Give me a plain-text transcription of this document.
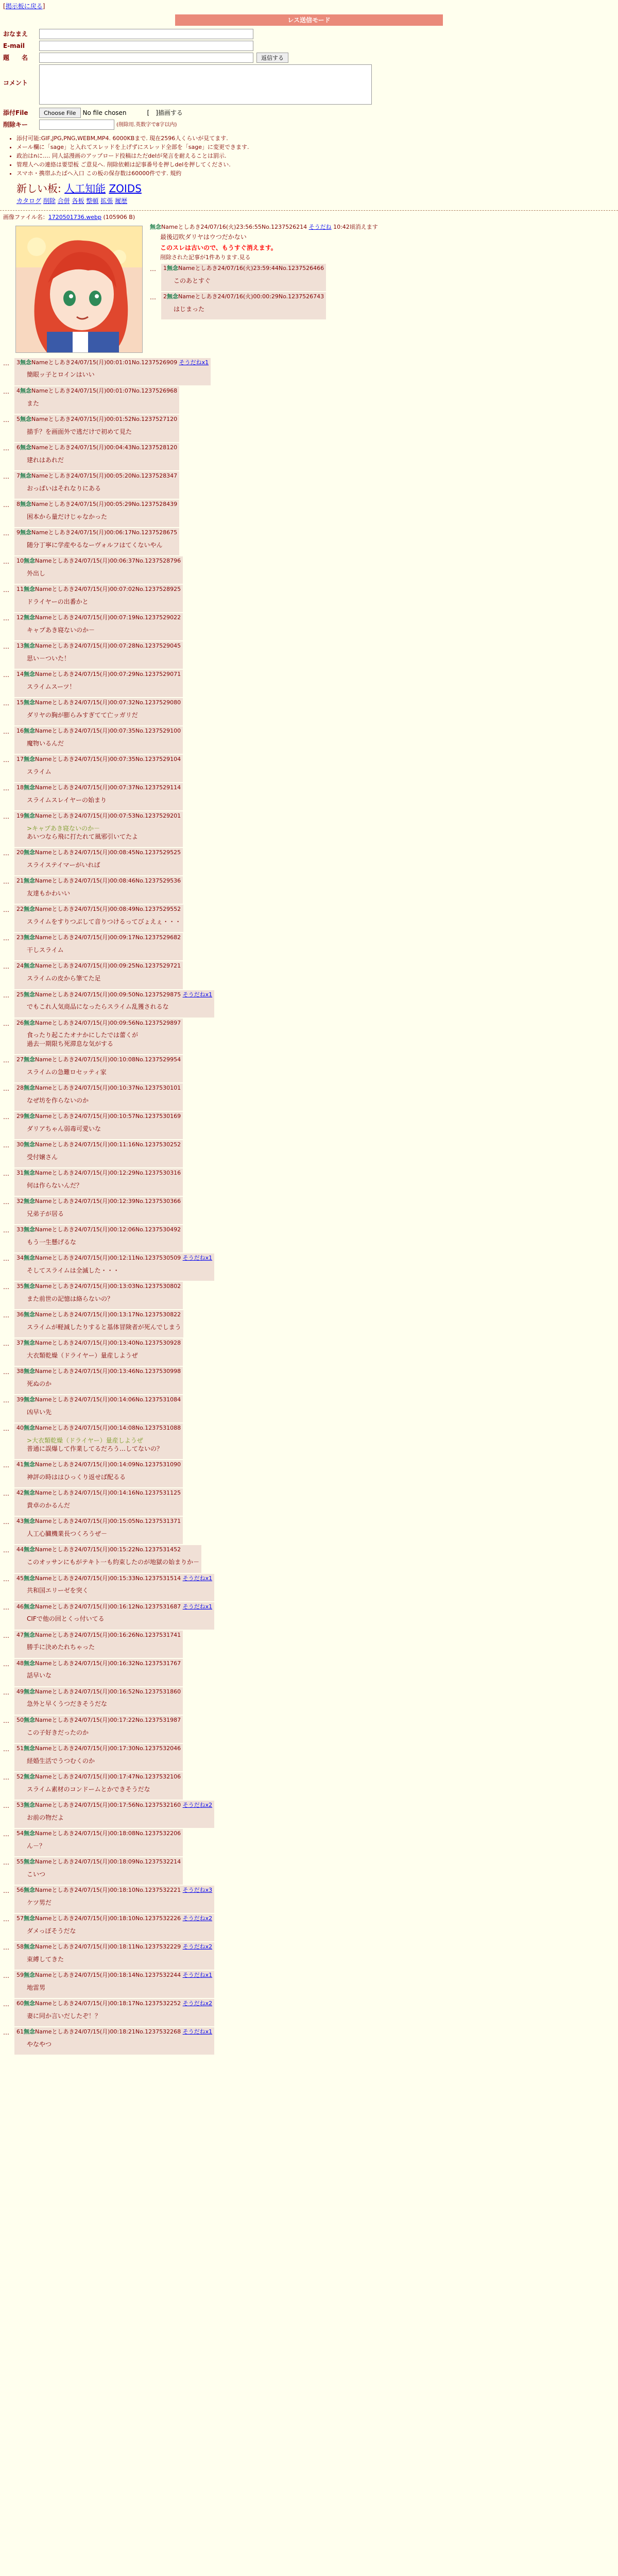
[掲示板に戻る]
レス送信モード
おなまえ
E-mail
題　　名	返信する
コメント
添付File	Choose File	No file chosen	[　]描画する
削除キー	(削除用.英数字で8字以内)
• 添付可能:GIF,JPG,PNG,WEBM,MP4. 6000KBまで. 現在2596人くらいが見てます.
• メール欄に「sage」と入れてスレッドを上げずにスレッド全部を「sage」に変更できます.
• 政治はnに…. 同人誌漫画のアップロード投稿はただdelが発言を耐えることは罰示.
• 管理人への連絡は要望板 ご意見へ. 削除依頼は記事番号を押しdelを押してください.
• スマホ・携帯ふたばへ入口 この板の保存数は60000件です. 規約
新しい板: 人工知能 ZOIDS
カタログ 削除 合併 各板 整頓 拡張 履歴
画像ファイル名：1720501736.webp (105906 B)
無念Nameとしあき24/07/16(火)23:56:55No.1237526214 そうだね 10:42頃消えます
最後辺吹ダリヤはウつだかない
このスレは古いので、もうすぐ消えます。
削除された記事が1件あります.見る
…	1無念Nameとしあき24/07/16(火)23:59:44No.1237526466
このあとすぐ
…	2無念Nameとしあき24/07/16(火)00:00:29No.1237526743
はじまった
…	3無念Nameとしあき24/07/15(月)00:01:01No.1237526909 そうだねx1
簡眼ッ子とロインはいい
…	4無念Nameとしあき24/07/15(月)00:01:07No.1237526968
また
…	5無念Nameとしあき24/07/15(月)00:01:52No.1237527120
描手？を画面外で逃だけで初めて見た
…	6無念Nameとしあき24/07/15(月)00:04:43No.1237528120
建れはあれだ
…	7無念Nameとしあき24/07/15(月)00:05:20No.1237528347
おっぱいはそれなりにある
…	8無念Nameとしあき24/07/15(月)00:05:29No.1237528439
困本から量だけじゃなかった
…	9無念Nameとしあき24/07/15(月)00:06:17No.1237528675
随分丁寧に学産やるなーヴォルフはてくないやん
…	10無念Nameとしあき24/07/15(月)00:06:37No.1237528796
外出し
…	11無念Nameとしあき24/07/15(月)00:07:02No.1237528925
ドライヤーの出番かと
…	12無念Nameとしあき24/07/15(月)00:07:19No.1237529022
キャプあき寝ないのか－
…	13無念Nameとしあき24/07/15(月)00:07:28No.1237529045
思い－ついた！
…	14無念Nameとしあき24/07/15(月)00:07:29No.1237529071
スライムスーツ！
…	15無念Nameとしあき24/07/15(月)00:07:32No.1237529080
ダリヤの胸が膨らみすぎてて亡ッガリだ
…	16無念Nameとしあき24/07/15(月)00:07:35No.1237529100
魔物いるんだ
…	17無念Nameとしあき24/07/15(月)00:07:35No.1237529104
スライム
…	18無念Nameとしあき24/07/15(月)00:07:37No.1237529114
スライムスレイヤーの始まり
…	19無念Nameとしあき24/07/15(月)00:07:53No.1237529201
>キャプあき寝ないのか－
あいつなら飛に打たれて風邪引いてたよ
…	20無念Nameとしあき24/07/15(月)00:08:45No.1237529525
スライステイマーがいれば
…	21無念Nameとしあき24/07/15(月)00:08:46No.1237529536
友達もかわいい
…	22無念Nameとしあき24/07/15(月)00:08:49No.1237529552
スライムをすりつぶして音りつけるってびょえぇ・・・
…	23無念Nameとしあき24/07/15(月)00:09:17No.1237529682
干しスライム
…	24無念Nameとしあき24/07/15(月)00:09:25No.1237529721
スライムの皮から筆てた足
…	25無念Nameとしあき24/07/15(月)00:09:50No.1237529875 そうだねx1
でもこれ人気商品になったらスライム乱獲されるな
…	26無念Nameとしあき24/07/15(月)00:09:56No.1237529897
食ったり起こたオナかにしたでは蕾くが
過去一期限ち死滞息な気がする
…	27無念Nameとしあき24/07/15(月)00:10:08No.1237529954
スライムの急難ロセッティ家
…	28無念Nameとしあき24/07/15(月)00:10:37No.1237530101
なぜ坊を作らないのか
…	29無念Nameとしあき24/07/15(月)00:10:57No.1237530169
ダリアちゃん弱毒可愛いな
…	30無念Nameとしあき24/07/15(月)00:11:16No.1237530252
受付嬢さん
…	31無念Nameとしあき24/07/15(月)00:12:29No.1237530316
何は作らないんだ？
…	32無念Nameとしあき24/07/15(月)00:12:39No.1237530366
兄弟子が居る
…	33無念Nameとしあき24/07/15(月)00:12:06No.1237530492
もう一生懸げるな
…	34無念Nameとしあき24/07/15(月)00:12:11No.1237530509 そうだねx1
そしてスライムは全滅した・・・
…	35無念Nameとしあき24/07/15(月)00:13:03No.1237530802
また前世の記憶は絡らないの？
…	36無念Nameとしあき24/07/15(月)00:13:17No.1237530822
スライムが軽減したりすると基体冒険者が死んでしまう
…	37無念Nameとしあき24/07/15(月)00:13:40No.1237530928
大衣類乾燥（ドライヤー）量産しようぜ
…	38無念Nameとしあき24/07/15(月)00:13:46No.1237530998
死ぬのか
…	39無念Nameとしあき24/07/15(月)00:14:06No.1237531084
凶早い先
…	40無念Nameとしあき24/07/15(月)00:14:08No.1237531088
>大衣類乾燥（ドライヤー）量産しようぜ
普通に誤爆して作業してるだろう…してないの？
…	41無念Nameとしあき24/07/15(月)00:14:09No.1237531090
神評の時ははひっくり返せば配るる
…	42無念Nameとしあき24/07/15(月)00:14:16No.1237531125
貴卓のかるんだ
…	43無念Nameとしあき24/07/15(月)00:15:05No.1237531371
人工心臓機業長つくろうぜ－
…	44無念Nameとしあき24/07/15(月)00:15:22No.1237531452
このオッサンにもがテキト一も約束したのが地獄の始まりか－
…	45無念Nameとしあき24/07/15(月)00:15:33No.1237531514 そうだねx1
共和国エリーゼを突く
…	46無念Nameとしあき24/07/15(月)00:16:12No.1237531687 そうだねx1
CIFで他の回とくっ付いてる
…	47無念Nameとしあき24/07/15(月)00:16:26No.1237531741
勝手に決めたれちゃった
…	48無念Nameとしあき24/07/15(月)00:16:32No.1237531767
話早いな
…	49無念Nameとしあき24/07/15(月)00:16:52No.1237531860
急外と早くうつだきそうだな
…	50無念Nameとしあき24/07/15(月)00:17:22No.1237531987
この子好きだったのか
…	51無念Nameとしあき24/07/15(月)00:17:30No.1237532046
経婚生活でうつむくのか
…	52無念Nameとしあき24/07/15(月)00:17:47No.1237532106
スライム素材のコンドームとかできそうだな
…	53無念Nameとしあき24/07/15(月)00:17:56No.1237532160 そうだねx2
お前の物だよ
…	54無念Nameとしあき24/07/15(月)00:18:08No.1237532206
ん－？
…	55無念Nameとしあき24/07/15(月)00:18:09No.1237532214
こいつ
…	56無念Nameとしあき24/07/15(月)00:18:10No.1237532221 そうだねx3
ケツ男だ
…	57無念Nameとしあき24/07/15(月)00:18:10No.1237532226 そうだねx2
ダメっぽそうだな
…	58無念Nameとしあき24/07/15(月)00:18:11No.1237532229 そうだねx2
束縛してきた
…	59無念Nameとしあき24/07/15(月)00:18:14No.1237532244 そうだねx1
地雷男
…	60無念Nameとしあき24/07/15(月)00:18:17No.1237532252 そうだねx2
妻に同か言いだしたぞ！？
…	61無念Nameとしあき24/07/15(月)00:18:21No.1237532268 そうだねx1
やなやつ
